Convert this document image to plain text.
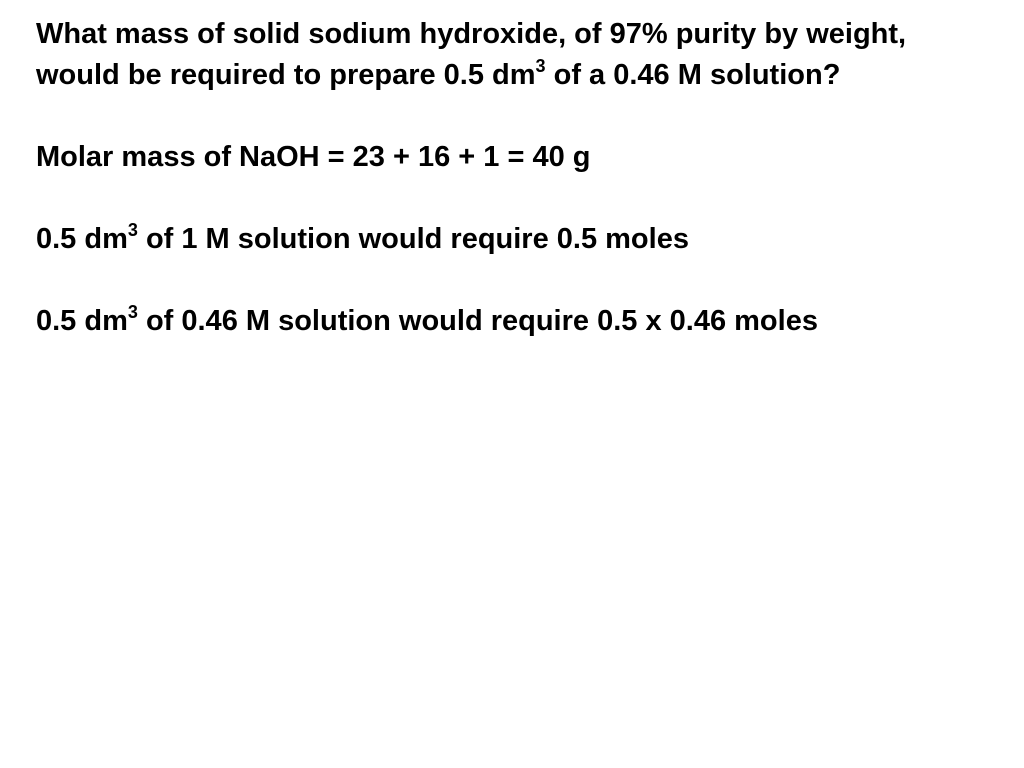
What mass of solid sodium hydroxide, of 97% purity by weight, would be required to prepare 0.5 $dm^3$ of a 0.46 M solution?

Molar mass of NaOH = 23 + 16 + 1 = 40 g

0.5 $dm^3$ of 1 M solution would require 0.5 moles

0.5 $dm^3$ of 0.46 M solution would require 0.5 x 0.46 moles
